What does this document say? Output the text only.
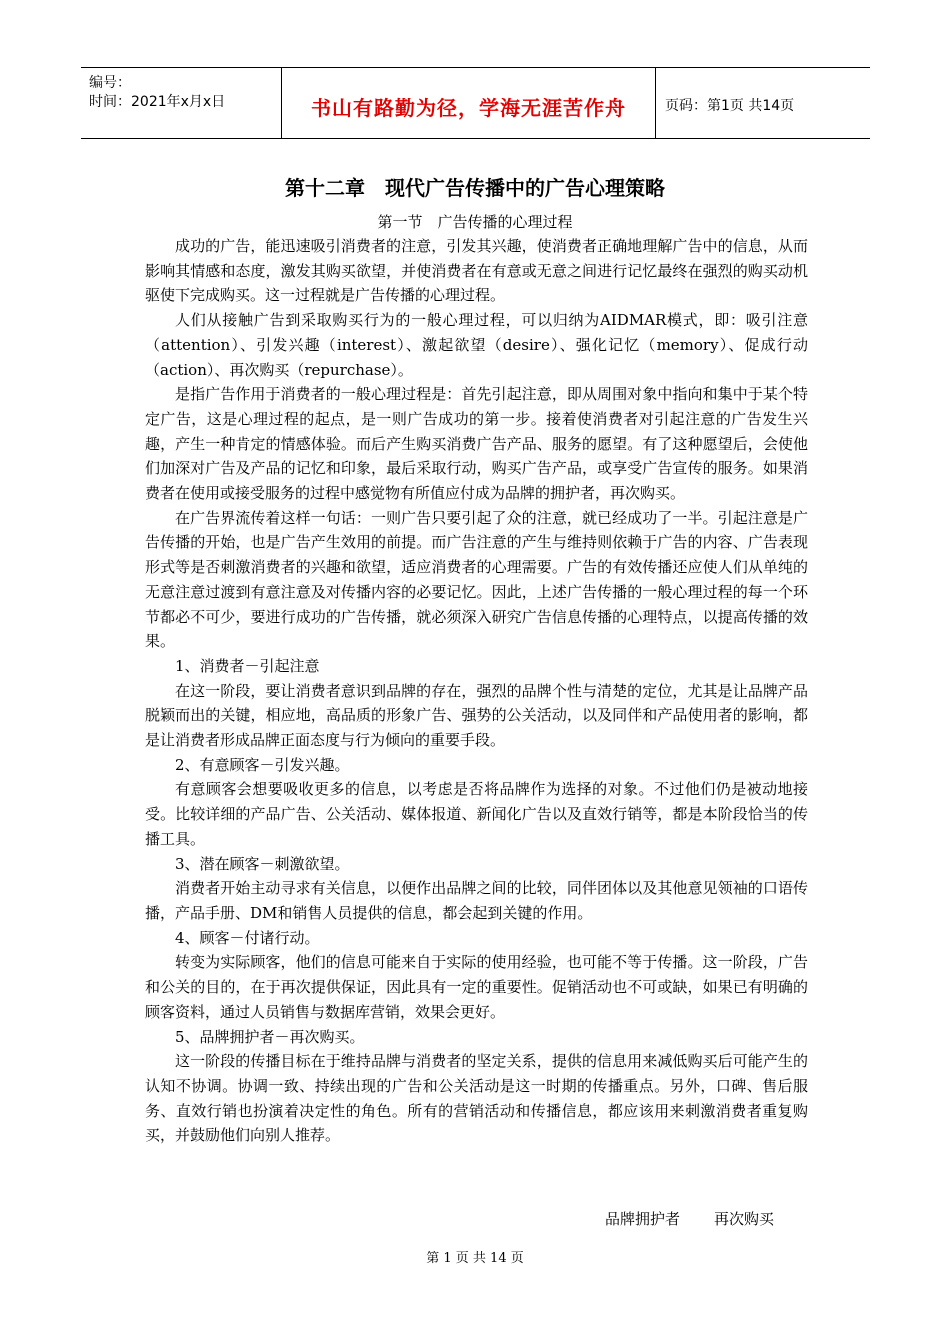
编号：
时间：2021年x月x日	书山有路勤为径，学海无涯苦作舟	页码：第1页 共14页
第十二章　现代广告传播中的广告心理策略
第一节　广告传播的心理过程

成功的广告，能迅速吸引消费者的注意，引发其兴趣，使消费者正确地理解广告中的信息，从而影响其情感和态度，激发其购买欲望，并使消费者在有意或无意之间进行记忆最终在强烈的购买动机驱使下完成购买。这一过程就是广告传播的心理过程。

人们从接触广告到采取购买行为的一般心理过程，可以归纳为AIDMAR模式，即：吸引注意（attention）、引发兴趣（interest）、激起欲望（desire）、强化记忆（memory）、促成行动（action）、再次购买（repurchase）。

是指广告作用于消费者的一般心理过程是：首先引起注意，即从周围对象中指向和集中于某个特定广告，这是心理过程的起点，是一则广告成功的第一步。接着使消费者对引起注意的广告发生兴趣，产生一种肯定的情感体验。而后产生购买消费广告产品、服务的愿望。有了这种愿望后，会使他们加深对广告及产品的记忆和印象，最后采取行动，购买广告产品，或享受广告宣传的服务。如果消费者在使用或接受服务的过程中感觉物有所值应付成为品牌的拥护者，再次购买。

在广告界流传着这样一句话：一则广告只要引起了众的注意，就已经成功了一半。引起注意是广告传播的开始，也是广告产生效用的前提。而广告注意的产生与维持则依赖于广告的内容、广告表现形式等是否刺激消费者的兴趣和欲望，适应消费者的心理需要。广告的有效传播还应使人们从单纯的无意注意过渡到有意注意及对传播内容的必要记忆。因此，上述广告传播的一般心理过程的每一个环节都必不可少，要进行成功的广告传播，就必须深入研究广告信息传播的心理特点，以提高传播的效果。

1、消费者－引起注意

在这一阶段，要让消费者意识到品牌的存在，强烈的品牌个性与清楚的定位，尤其是让品牌产品脱颖而出的关键，相应地，高品质的形象广告、强势的公关活动，以及同伴和产品使用者的影响，都是让消费者形成品牌正面态度与行为倾向的重要手段。

2、有意顾客－引发兴趣。

有意顾客会想要吸收更多的信息，以考虑是否将品牌作为选择的对象。不过他们仍是被动地接受。比较详细的产品广告、公关活动、媒体报道、新闻化广告以及直效行销等，都是本阶段恰当的传播工具。

3、潜在顾客－刺激欲望。

消费者开始主动寻求有关信息，以便作出品牌之间的比较，同伴团体以及其他意见领袖的口语传播，产品手册、DM和销售人员提供的信息，都会起到关键的作用。

4、顾客－付诸行动。

转变为实际顾客，他们的信息可能来自于实际的使用经验，也可能不等于传播。这一阶段，广告和公关的目的，在于再次提供保证，因此具有一定的重要性。促销活动也不可或缺，如果已有明确的顾客资料，通过人员销售与数据库营销，效果会更好。

5、品牌拥护者－再次购买。

这一阶段的传播目标在于维持品牌与消费者的坚定关系，提供的信息用来减低购买后可能产生的认知不协调。协调一致、持续出现的广告和公关活动是这一时期的传播重点。另外，口碑、售后服务、直效行销也扮演着决定性的角色。所有的营销活动和传播信息，都应该用来刺激消费者重复购买，并鼓励他们向别人推荐。

品牌拥护者 再次购买
第 1 页 共 14 页
